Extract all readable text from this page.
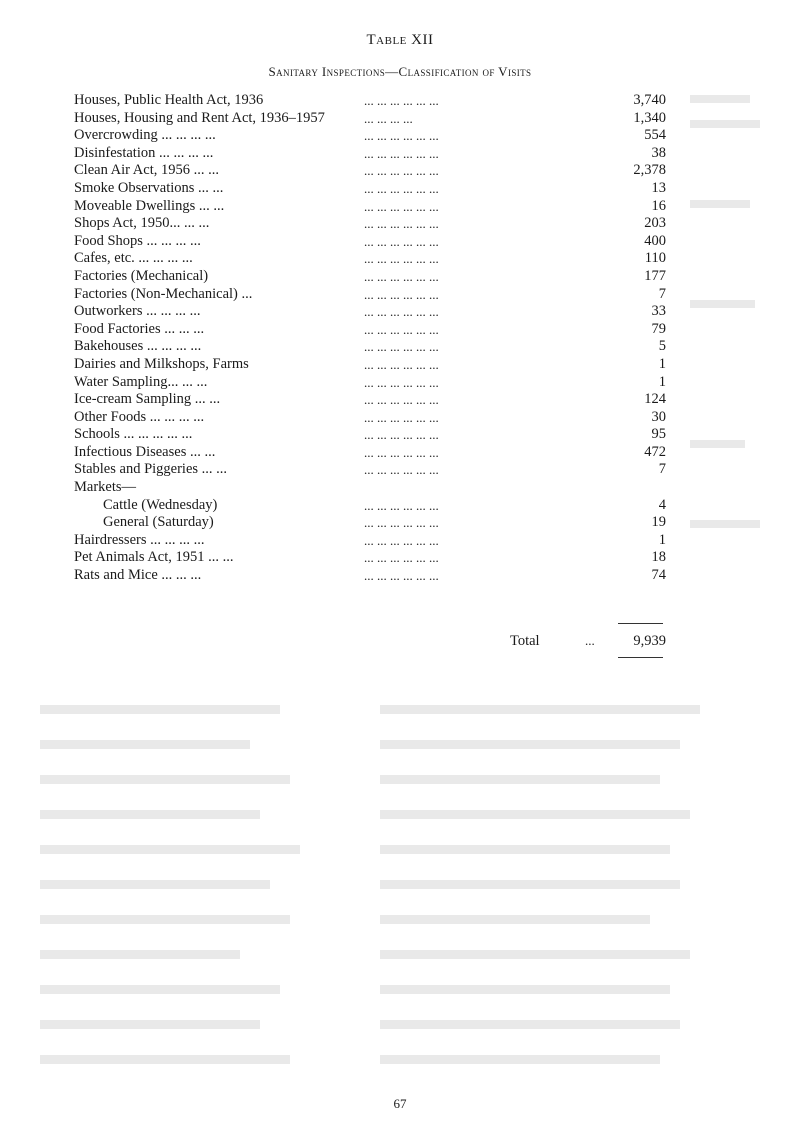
Table XII
Sanitary Inspections—Classification of Visits
Houses, Public Health Act, 1936	... ... ... ... ... ...	3,740
Houses, Housing and Rent Act, 1936–1957	... ... ... ...	1,340
Overcrowding ... ... ... ...	... ... ... ... ... ...	554
Disinfestation ... ... ... ...	... ... ... ... ... ...	38
Clean Air Act, 1956 ... ...	... ... ... ... ... ...	2,378
Smoke Observations ... ...	... ... ... ... ... ...	13
Moveable Dwellings ... ...	... ... ... ... ... ...	16
Shops Act, 1950... ... ...	... ... ... ... ... ...	203
Food Shops ... ... ... ...	... ... ... ... ... ...	400
Cafes, etc. ... ... ... ...	... ... ... ... ... ...	110
Factories (Mechanical)	... ... ... ... ... ...	177
Factories (Non-Mechanical) ...	... ... ... ... ... ...	7
Outworkers ... ... ... ...	... ... ... ... ... ...	33
Food Factories ... ... ...	... ... ... ... ... ...	79
Bakehouses ... ... ... ...	... ... ... ... ... ...	5
Dairies and Milkshops, Farms	... ... ... ... ... ...	1
Water Sampling... ... ...	... ... ... ... ... ...	1
Ice-cream Sampling ... ...	... ... ... ... ... ...	124
Other Foods ... ... ... ...	... ... ... ... ... ...	30
Schools ... ... ... ... ...	... ... ... ... ... ...	95
Infectious Diseases ... ...	... ... ... ... ... ...	472
Stables and Piggeries ... ...	... ... ... ... ... ...	7
Markets—
Cattle (Wednesday)	... ... ... ... ... ...	4
General (Saturday)	... ... ... ... ... ...	19
Hairdressers ... ... ... ...	... ... ... ... ... ...	1
Pet Animals Act, 1951 ... ...	... ... ... ... ... ...	18
Rats and Mice ... ... ...	... ... ... ... ... ...	74
Total	...	9,939
67
